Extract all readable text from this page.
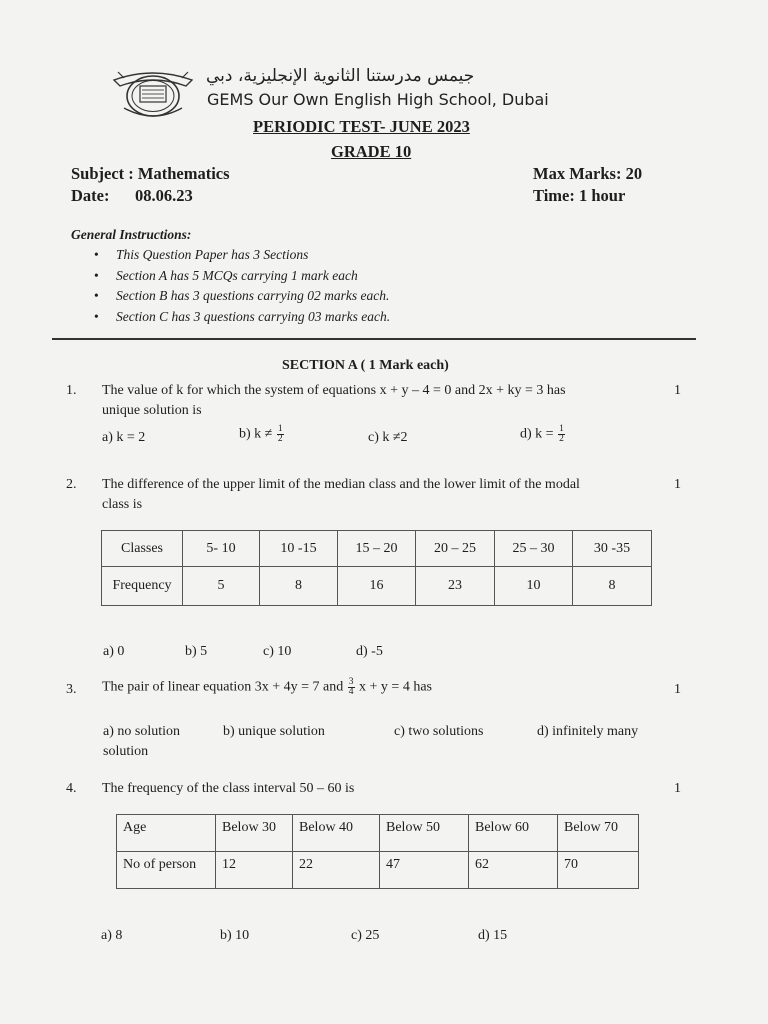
جيمس مدرستنا الثانوية الإنجليزية، دبي
GEMS Our Own English High School, Dubai
PERIODIC TEST- JUNE 2023
GRADE 10
Subject : Mathematics
Date: 08.06.23
Max Marks: 20
Time: 1 hour
General Instructions:
• This Question Paper has 3 Sections
• Section A has 5 MCQs carrying 1 mark each
• Section B has 3 questions carrying 02 marks each.
• Section C has 3 questions carrying 03 marks each.
SECTION A ( 1 Mark each)
1. The value of k for which the system of equations x + y – 4 = 0 and 2x + ky = 3 has
unique solution is
1
a) k = 2	b) $k \ne \frac{1}{2}$	c) k ≠2	d) $k = \frac{1}{2}$
2. The difference of the upper limit of the median class and the lower limit of the modal
class is
1
Classes	5- 10	10 -15	15 – 20	20 – 25	25 – 30	30 -35
Frequency	5	8	16	23	10	8
a) 0	b) 5	c) 10	d) -5
3. The pair of linear equation 3x + 4y = 7 and $\frac{3}{4}$ x + y = 4 has	1
a) no solution	b) unique solution	c) two solutions	d) infinitely many
solution
4. The frequency of the class interval 50 – 60 is	1
Age	Below 30	Below 40	Below 50	Below 60	Below 70
No of person	12	22	47	62	70
a) 8	b) 10	c) 25	d) 15
